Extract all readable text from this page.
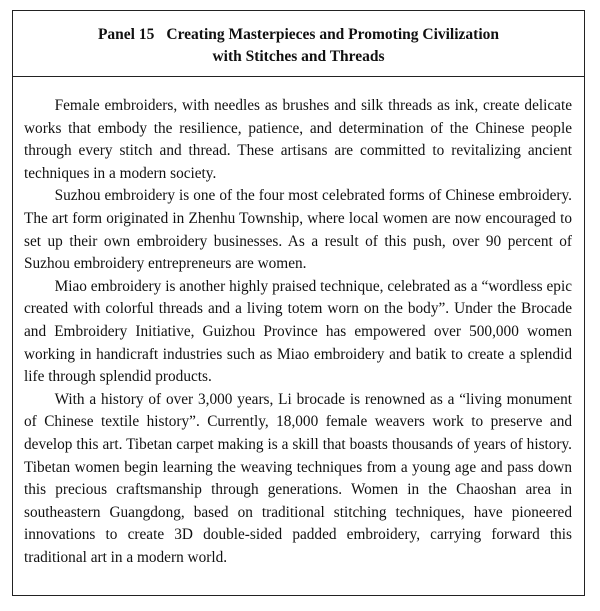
Panel 15 Creating Masterpieces and Promoting Civilization
with Stitches and Threads

Female embroiders, with needles as brushes and silk threads as ink, create delicate works that embody the resilience, patience, and determination of the Chinese people through every stitch and thread. These artisans are committed to revitalizing ancient techniques in a modern society.

Suzhou embroidery is one of the four most celebrated forms of Chinese embroidery. The art form originated in Zhenhu Township, where local women are now encouraged to set up their own embroidery businesses. As a result of this push, over 90 percent of Suzhou embroidery entrepreneurs are women.

Miao embroidery is another highly praised technique, celebrated as a “wordless epic created with colorful threads and a living totem worn on the body”. Under the Brocade and Embroidery Initiative, Guizhou Province has empowered over 500,000 women working in handicraft industries such as Miao embroidery and batik to create a splendid life through splendid products.

With a history of over 3,000 years, Li brocade is renowned as a “living monument of Chinese textile history”. Currently, 18,000 female weavers work to preserve and develop this art. Tibetan carpet making is a skill that boasts thousands of years of history. Tibetan women begin learning the weaving techniques from a young age and pass down this precious craftsmanship through generations. Women in the Chaoshan area in southeastern Guangdong, based on traditional stitching techniques, have pioneered innovations to create 3D double-sided padded embroidery, carrying forward this traditional art in a modern world.
